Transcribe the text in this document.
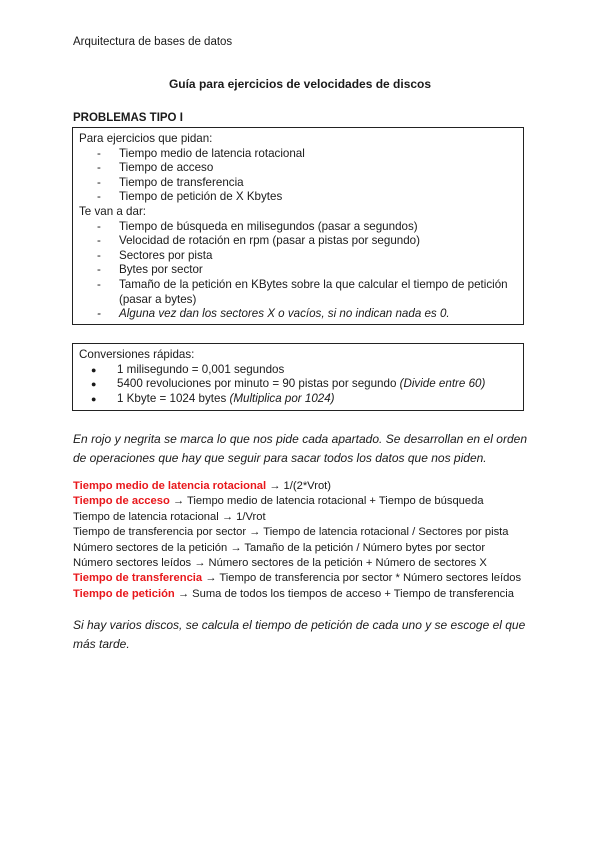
Arquitectura de bases de datos
Guía para ejercicios de velocidades de discos
PROBLEMAS TIPO I
Para ejercicios que pidan:
- Tiempo medio de latencia rotacional
- Tiempo de acceso
- Tiempo de transferencia
- Tiempo de petición de X Kbytes
Te van a dar:
- Tiempo de búsqueda en milisegundos (pasar a segundos)
- Velocidad de rotación en rpm (pasar a pistas por segundo)
- Sectores por pista
- Bytes por sector
- Tamaño de la petición en KBytes sobre la que calcular el tiempo de petición (pasar a bytes)
- Alguna vez dan los sectores X o vacíos, si no indican nada es 0.
Conversiones rápidas:
● 1 milisegundo = 0,001 segundos
● 5400 revoluciones por minuto = 90 pistas por segundo (Divide entre 60)
● 1 Kbyte = 1024 bytes (Multiplica por 1024)
En rojo y negrita se marca lo que nos pide cada apartado. Se desarrollan en el orden de operaciones que hay que seguir para sacar todos los datos que nos piden.
Tiempo medio de latencia rotacional → 1/(2*Vrot)
Tiempo de acceso → Tiempo medio de latencia rotacional + Tiempo de búsqueda
Tiempo de latencia rotacional → 1/Vrot
Tiempo de transferencia por sector → Tiempo de latencia rotacional / Sectores por pista
Número sectores de la petición → Tamaño de la petición / Número bytes por sector
Número sectores leídos → Número sectores de la petición + Número de sectores X
Tiempo de transferencia → Tiempo de transferencia por sector * Número sectores leídos
Tiempo de petición → Suma de todos los tiempos de acceso + Tiempo de transferencia
Si hay varios discos, se calcula el tiempo de petición de cada uno y se escoge el que más tarde.
